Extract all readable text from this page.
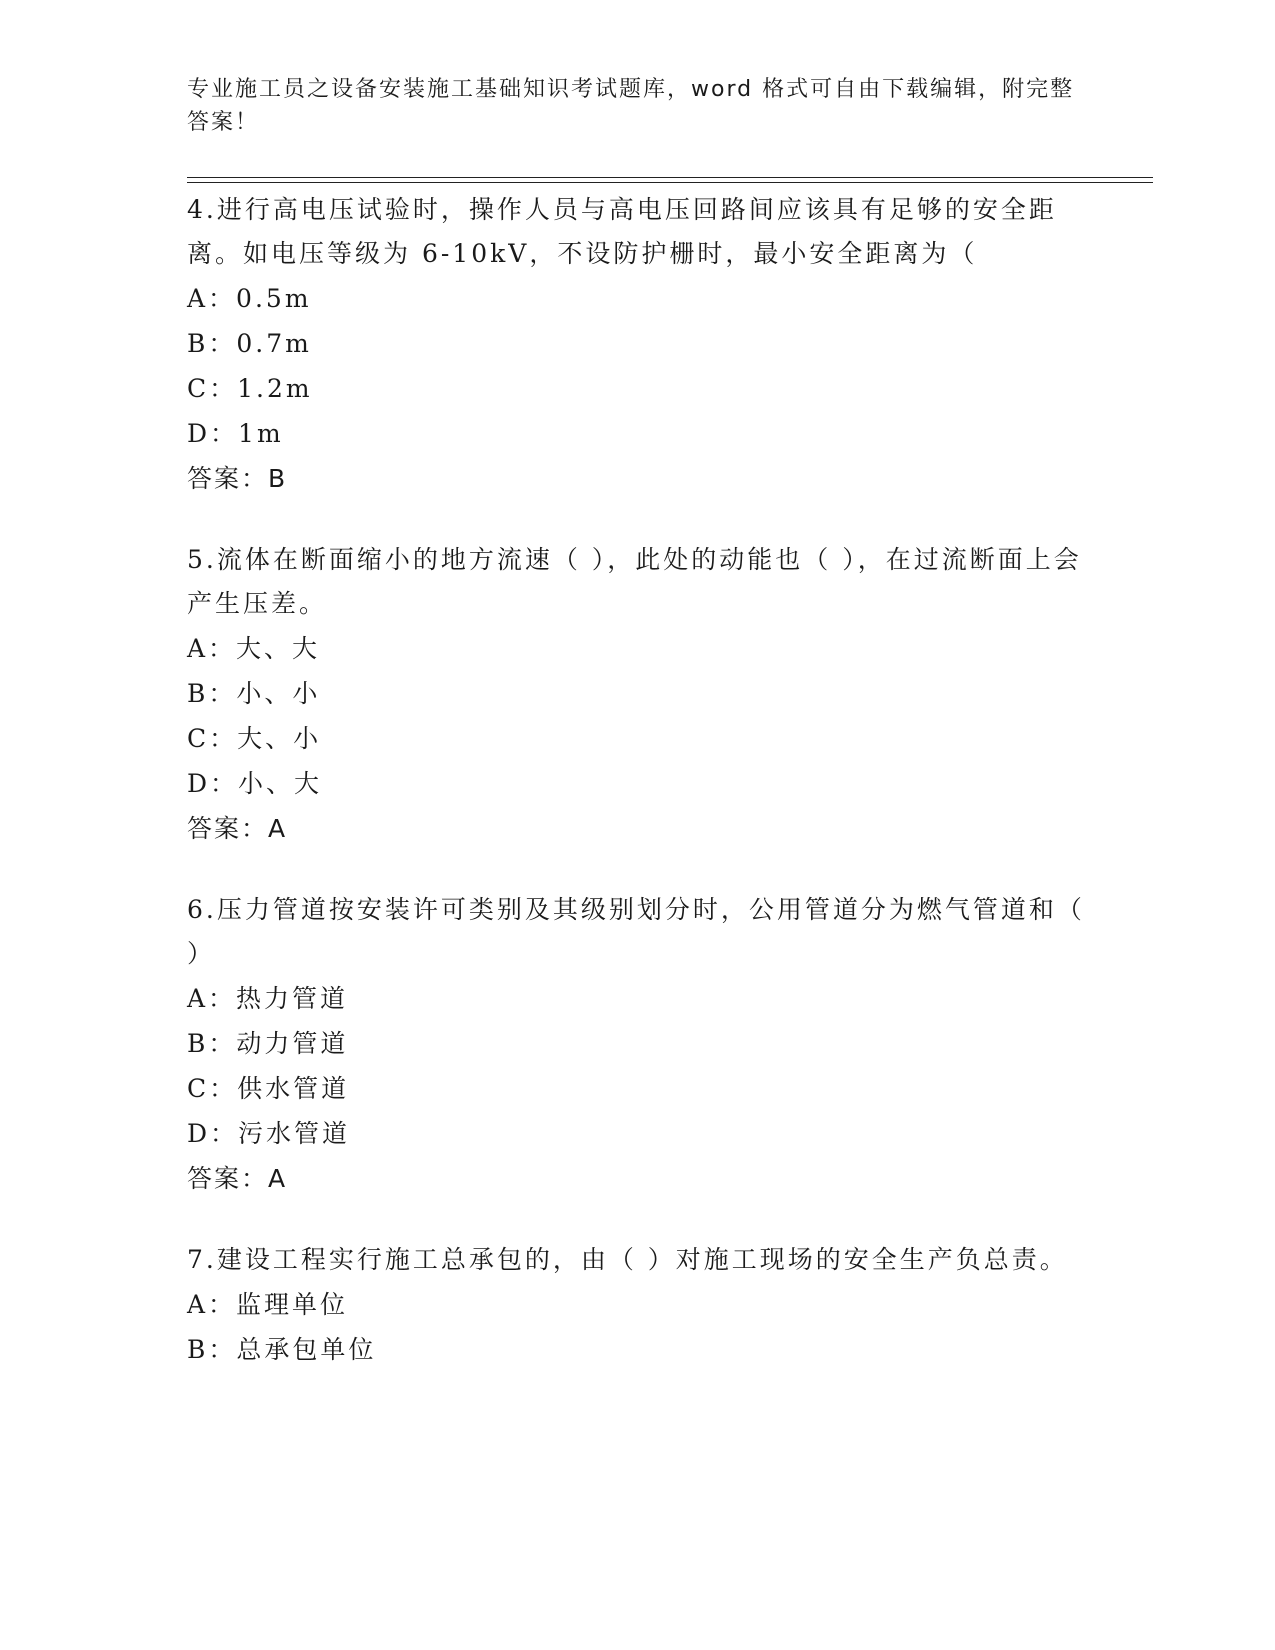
专业施工员之设备安装施工基础知识考试题库，word 格式可自由下载编辑，附完整答案！

4.进行高电压试验时，操作人员与高电压回路间应该具有足够的安全距离。如电压等级为 6-10kV，不设防护栅时，最小安全距离为（

A：0.5m
B：0.7m
C：1.2m
D：1m

答案：B

5.流体在断面缩小的地方流速（ ），此处的动能也（ ），在过流断面上会产生压差。

A：大、大
B：小、小
C：大、小
D：小、大

答案：A

6.压力管道按安装许可类别及其级别划分时，公用管道分为燃气管道和（ ）

A：热力管道
B：动力管道
C：供水管道
D：污水管道

答案：A

7.建设工程实行施工总承包的，由（ ）对施工现场的安全生产负总责。

A：监理单位
B：总承包单位
